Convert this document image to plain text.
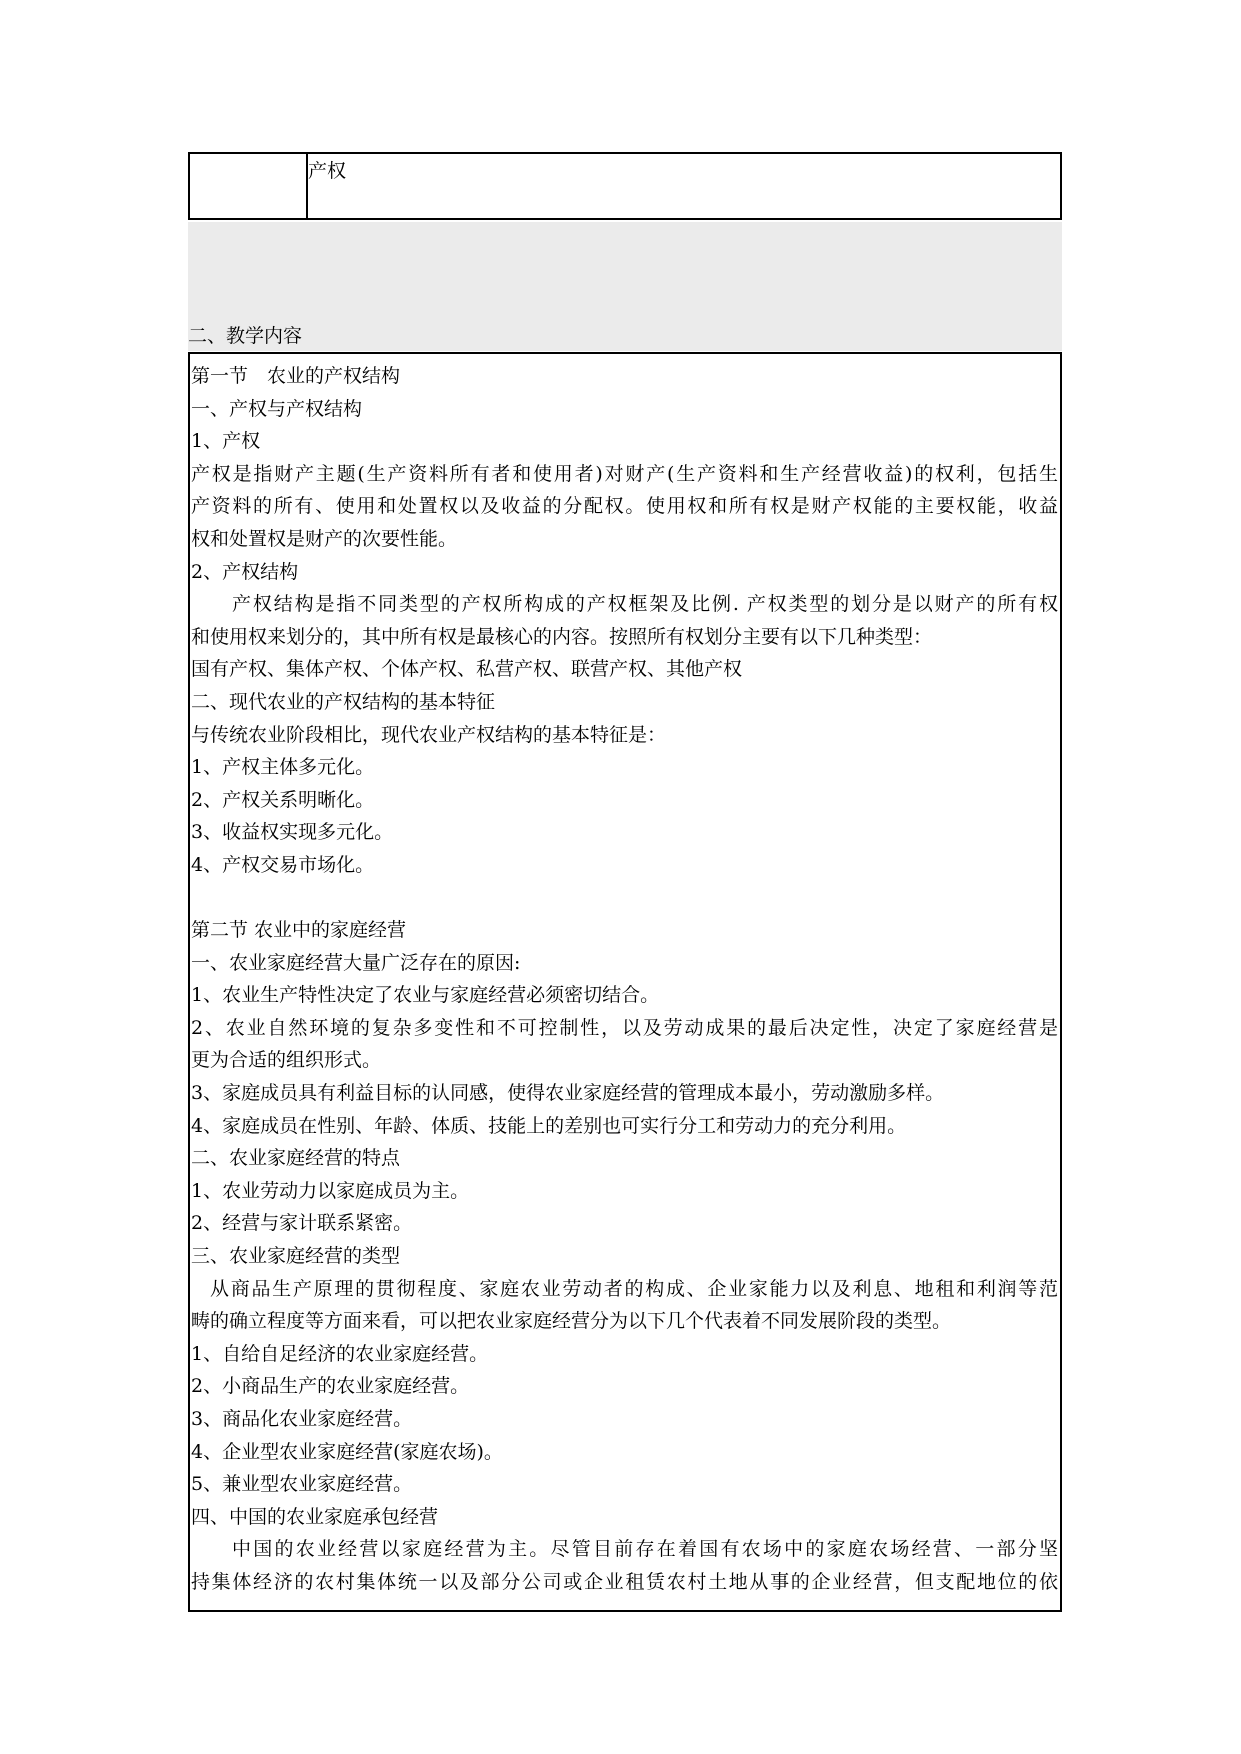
产权
二、教学内容
第一节　农业的产权结构
一、产权与产权结构
1、产权
产权是指财产主题(生产资料所有者和使用者)对财产(生产资料和生产经营收益)的权利，包括生
产资料的所有、使用和处置权以及收益的分配权。使用权和所有权是财产权能的主要权能，收益
权和处置权是财产的次要性能。
2、产权结构
产权结构是指不同类型的产权所构成的产权框架及比例. 产权类型的划分是以财产的所有权
和使用权来划分的，其中所有权是最核心的内容。按照所有权划分主要有以下几种类型：
国有产权、集体产权、个体产权、私营产权、联营产权、其他产权
二、现代农业的产权结构的基本特征
与传统农业阶段相比，现代农业产权结构的基本特征是：
1、产权主体多元化。
2、产权关系明晰化。
3、收益权实现多元化。
4、产权交易市场化。
第二节 农业中的家庭经营
一、农业家庭经营大量广泛存在的原因:
1、农业生产特性决定了农业与家庭经营必须密切结合。
2、农业自然环境的复杂多变性和不可控制性，以及劳动成果的最后决定性，决定了家庭经营是
更为合适的组织形式。
3、家庭成员具有利益目标的认同感，使得农业家庭经营的管理成本最小，劳动激励多样。
4、家庭成员在性别、年龄、体质、技能上的差别也可实行分工和劳动力的充分利用。
二、农业家庭经营的特点
1、农业劳动力以家庭成员为主。
2、经营与家计联系紧密。
三、农业家庭经营的类型
从商品生产原理的贯彻程度、家庭农业劳动者的构成、企业家能力以及利息、地租和利润等范
畴的确立程度等方面来看，可以把农业家庭经营分为以下几个代表着不同发展阶段的类型。
1、自给自足经济的农业家庭经营。
2、小商品生产的农业家庭经营。
3、商品化农业家庭经营。
4、企业型农业家庭经营(家庭农场)。
5、兼业型农业家庭经营。
四、中国的农业家庭承包经营
中国的农业经营以家庭经营为主。尽管目前存在着国有农场中的家庭农场经营、一部分坚
持集体经济的农村集体统一以及部分公司或企业租赁农村土地从事的企业经营，但支配地位的依
